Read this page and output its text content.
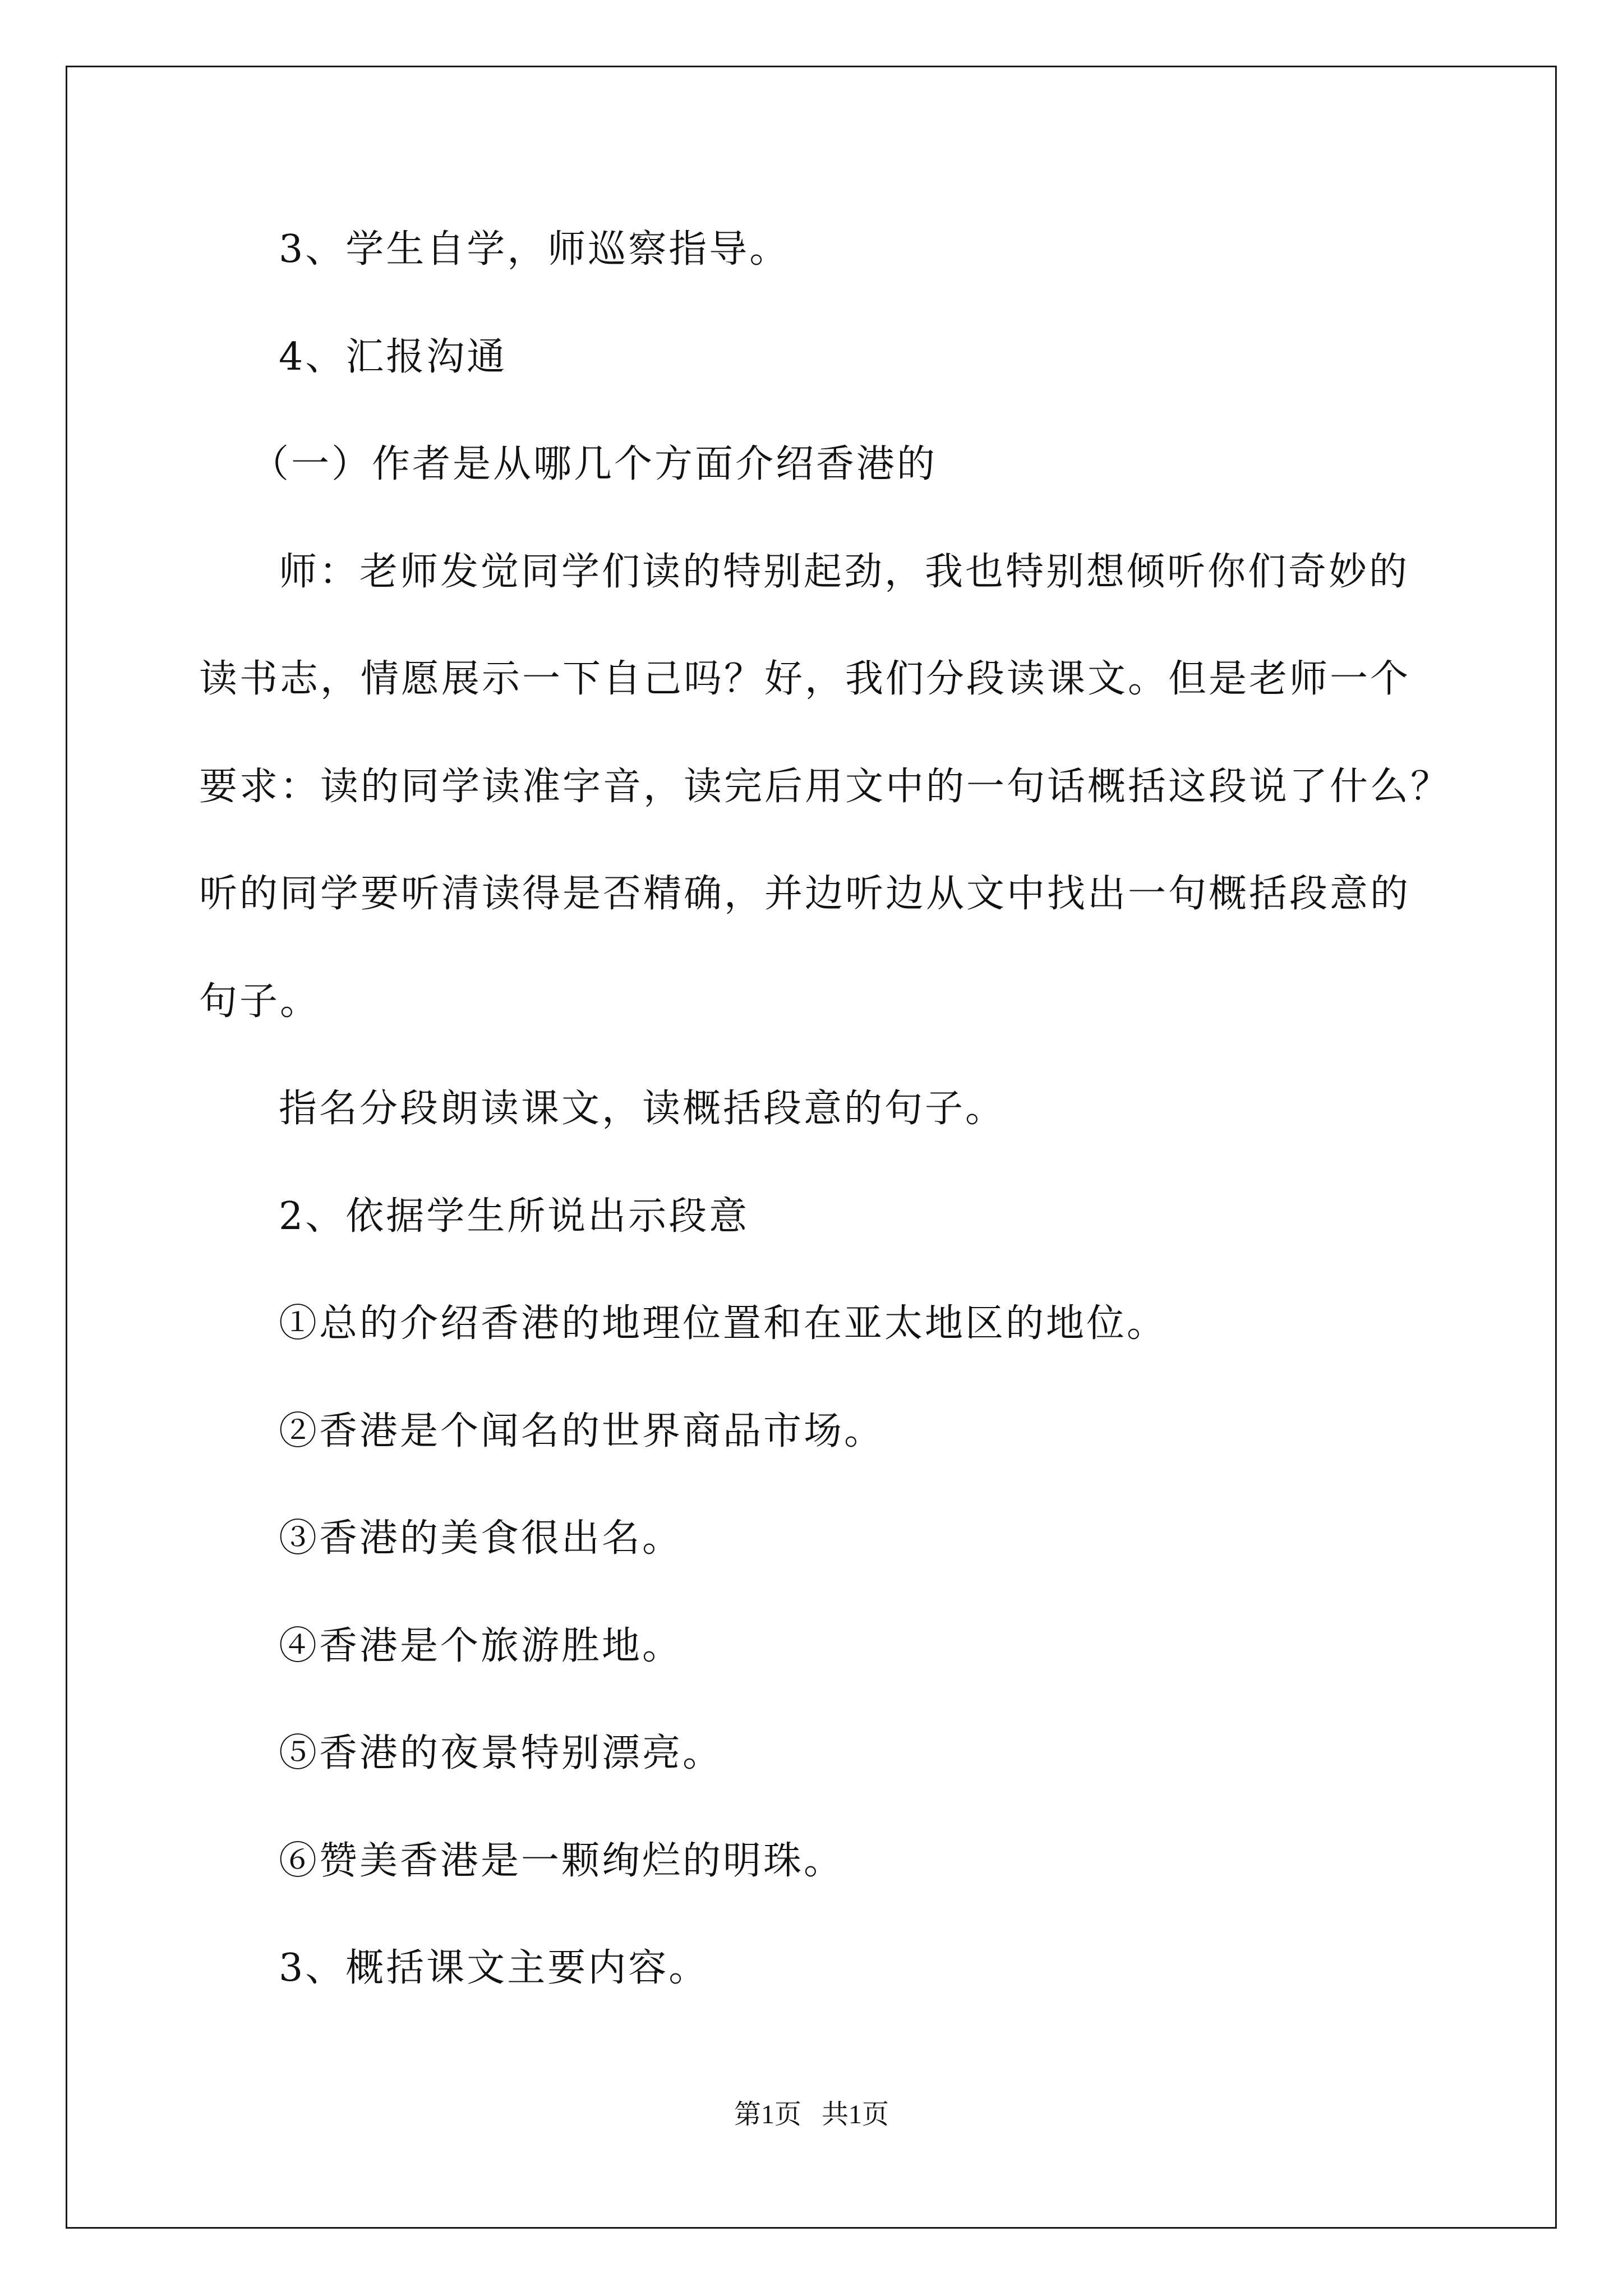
3、学生自学，师巡察指导。
4、汇报沟通
（一）作者是从哪几个方面介绍香港的
师：老师发觉同学们读的特别起劲，我也特别想倾听你们奇妙的
读书志，情愿展示一下自己吗？好，我们分段读课文。但是老师一个
要求：读的同学读准字音，读完后用文中的一句话概括这段说了什么？
听的同学要听清读得是否精确，并边听边从文中找出一句概括段意的
句子。
指名分段朗读课文，读概括段意的句子。
2、依据学生所说出示段意
①总的介绍香港的地理位置和在亚太地区的地位。
②香港是个闻名的世界商品市场。
③香港的美食很出名。
④香港是个旅游胜地。
⑤香港的夜景特别漂亮。
⑥赞美香港是一颗绚烂的明珠。
3、概括课文主要内容。
第1页   共1页
